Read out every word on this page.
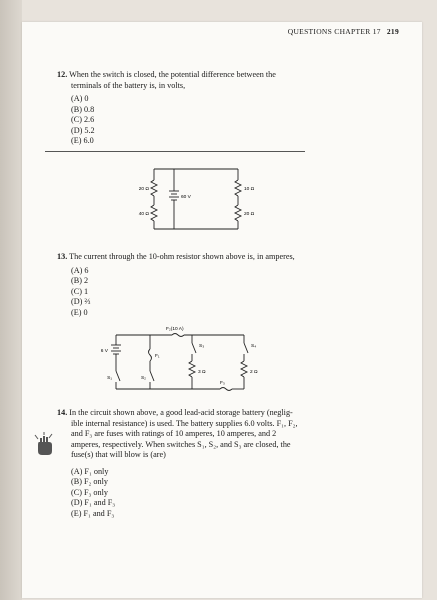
QUESTIONS CHAPTER 17 219
12. When the switch is closed, the potential difference between the
terminals of the battery is, in volts,
(A) 0
(B) 0.8
(C) 2.6
(D) 5.2
(E) 6.0
20 Ω
40 Ω
60 V
10 Ω
20 Ω
13. The current through the 10-ohm resistor shown above is, in amperes,
(A) 6
(B) 2
(C) 1
(D) ⅔
(E) 0
F₂(10 A)
6 V
S₁
F₁
S₂
S₃
3 Ω
F₃
S₄
2 Ω
14. In the circuit shown above, a good lead-acid storage battery (neglig-
ible internal resistance) is used. The battery supplies 6.0 volts. F₁, F₂,
and F₃ are fuses with ratings of 10 amperes, 10 amperes, and 2
amperes, respectively. When switches S₁, S₂, and S₃ are closed, the
fuse(s) that will blow is (are)
(A) F₁ only
(B) F₂ only
(C) F₃ only
(D) F₁ and F₃
(E) F₁ and F₃
